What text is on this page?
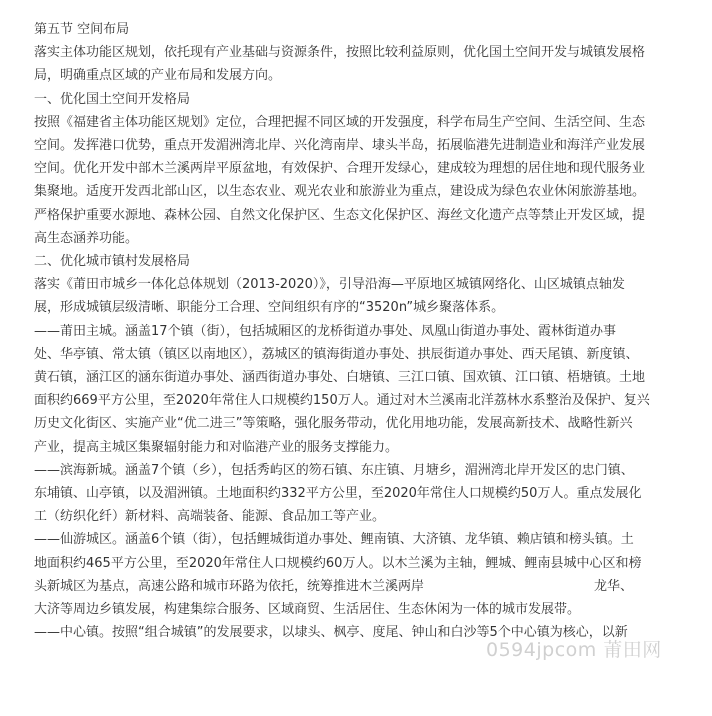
第五节 空间布局
落实主体功能区规划，依托现有产业基础与资源条件，按照比较利益原则，优化国土空间开发与城镇发展格
局，明确重点区域的产业布局和发展方向。
一、优化国土空间开发格局
按照《福建省主体功能区规划》定位，合理把握不同区域的开发强度，科学布局生产空间、生活空间、生态
空间。发挥港口优势，重点开发湄洲湾北岸、兴化湾南岸、埭头半岛，拓展临港先进制造业和海洋产业发展
空间。优化开发中部木兰溪两岸平原盆地，有效保护、合理开发绿心，建成较为理想的居住地和现代服务业
集聚地。适度开发西北部山区，以生态农业、观光农业和旅游业为重点，建设成为绿色农业休闲旅游基地。
严格保护重要水源地、森林公园、自然文化保护区、生态文化保护区、海丝文化遗产点等禁止开发区域，提
高生态涵养功能。
二、优化城市镇村发展格局
落实《莆田市城乡一体化总体规划（2013-2020）》，引导沿海—平原地区城镇网络化、山区城镇点轴发
展，形成城镇层级清晰、职能分工合理、空间组织有序的“3520n”城乡聚落体系。
——莆田主城。涵盖17个镇（街），包括城厢区的龙桥街道办事处、凤凰山街道办事处、霞林街道办事
处、华亭镇、常太镇（镇区以南地区），荔城区的镇海街道办事处、拱辰街道办事处、西天尾镇、新度镇、
黄石镇，涵江区的涵东街道办事处、涵西街道办事处、白塘镇、三江口镇、国欢镇、江口镇、梧塘镇。土地
面积约669平方公里，至2020年常住人口规模约150万人。通过对木兰溪南北洋荔林水系整治及保护、复兴
历史文化街区、实施产业“优二进三”等策略，强化服务带动，优化用地功能，发展高新技术、战略性新兴
产业，提高主城区集聚辐射能力和对临港产业的服务支撑能力。
——滨海新城。涵盖7个镇（乡），包括秀屿区的笏石镇、东庄镇、月塘乡，湄洲湾北岸开发区的忠门镇、
东埔镇、山亭镇，以及湄洲镇。土地面积约332平方公里，至2020年常住人口规模约50万人。重点发展化
工（纺织化纤）新材料、高端装备、能源、食品加工等产业。
——仙游城区。涵盖6个镇（街），包括鲤城街道办事处、鲤南镇、大济镇、龙华镇、赖店镇和榜头镇。土
地面积约465平方公里，至2020年常住人口规模约60万人。以木兰溪为主轴，鲤城、鲤南县城中心区和榜
头新城区为基点，高速公路和城市环路为依托，统筹推进木兰溪两岸	龙华、
大济等周边乡镇发展，构建集综合服务、区域商贸、生活居住、生态休闲为一体的城市发展带。
——中心镇。按照“组合城镇”的发展要求，以埭头、枫亭、度尾、钟山和白沙等5个中心镇为核心，以新
0594jpcom 莆田网
